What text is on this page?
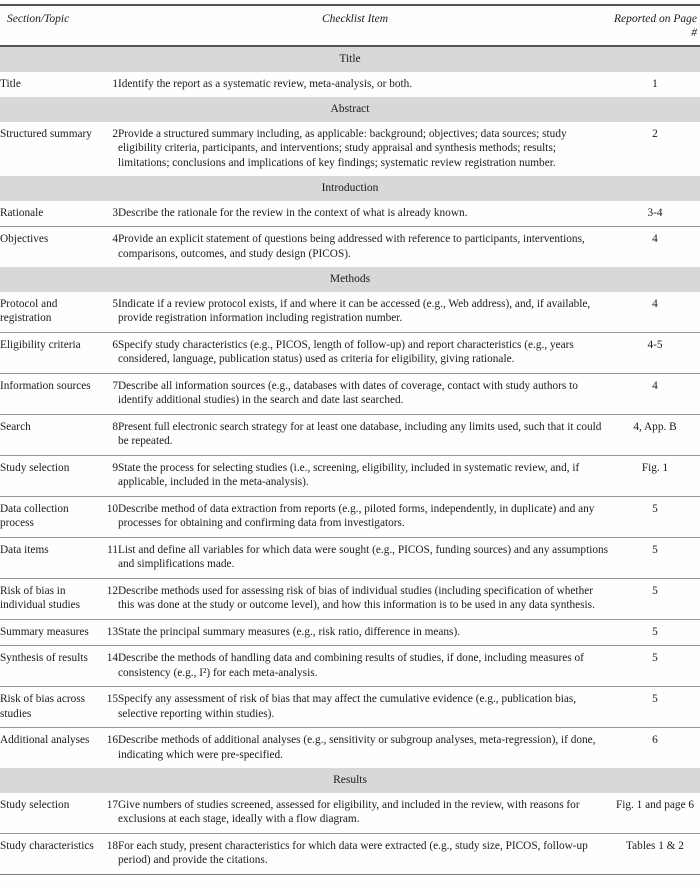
Section/Topic	Checklist Item		Reported on Page #
Title			
Title	1	Identify the report as a systematic review, meta-analysis, or both.	1
Abstract			
Structured summary	2	Provide a structured summary including, as applicable: background; objectives; data sources; study eligibility criteria, participants, and interventions; study appraisal and synthesis methods; results; limitations; conclusions and implications of key findings; systematic review registration number.	2
Introduction			
Rationale	3	Describe the rationale for the review in the context of what is already known.	3-4
Objectives	4	Provide an explicit statement of questions being addressed with reference to participants, interventions, comparisons, outcomes, and study design (PICOS).	4
Methods			
Protocol and registration	5	Indicate if a review protocol exists, if and where it can be accessed (e.g., Web address), and, if available, provide registration information including registration number.	4
Eligibility criteria	6	Specify study characteristics (e.g., PICOS, length of follow-up) and report characteristics (e.g., years considered, language, publication status) used as criteria for eligibility, giving rationale.	4-5
Information sources	7	Describe all information sources (e.g., databases with dates of coverage, contact with study authors to identify additional studies) in the search and date last searched.	4
Search	8	Present full electronic search strategy for at least one database, including any limits used, such that it could be repeated.	4, App. B
Study selection	9	State the process for selecting studies (i.e., screening, eligibility, included in systematic review, and, if applicable, included in the meta-analysis).	Fig. 1
Data collection process	10	Describe method of data extraction from reports (e.g., piloted forms, independently, in duplicate) and any processes for obtaining and confirming data from investigators.	5
Data items	11	List and define all variables for which data were sought (e.g., PICOS, funding sources) and any assumptions and simplifications made.	5
Risk of bias in individual studies	12	Describe methods used for assessing risk of bias of individual studies (including specification of whether this was done at the study or outcome level), and how this information is to be used in any data synthesis.	5
Summary measures	13	State the principal summary measures (e.g., risk ratio, difference in means).	5
Synthesis of results	14	Describe the methods of handling data and combining results of studies, if done, including measures of consistency (e.g., I²) for each meta-analysis.	5
Risk of bias across studies	15	Specify any assessment of risk of bias that may affect the cumulative evidence (e.g., publication bias, selective reporting within studies).	5
Additional analyses	16	Describe methods of additional analyses (e.g., sensitivity or subgroup analyses, meta-regression), if done, indicating which were pre-specified.	6
Results			
Study selection	17	Give numbers of studies screened, assessed for eligibility, and included in the review, with reasons for exclusions at each stage, ideally with a flow diagram.	Fig. 1 and page 6
Study characteristics	18	For each study, present characteristics for which data were extracted (e.g., study size, PICOS, follow-up period) and provide the citations.	Tables 1 & 2
